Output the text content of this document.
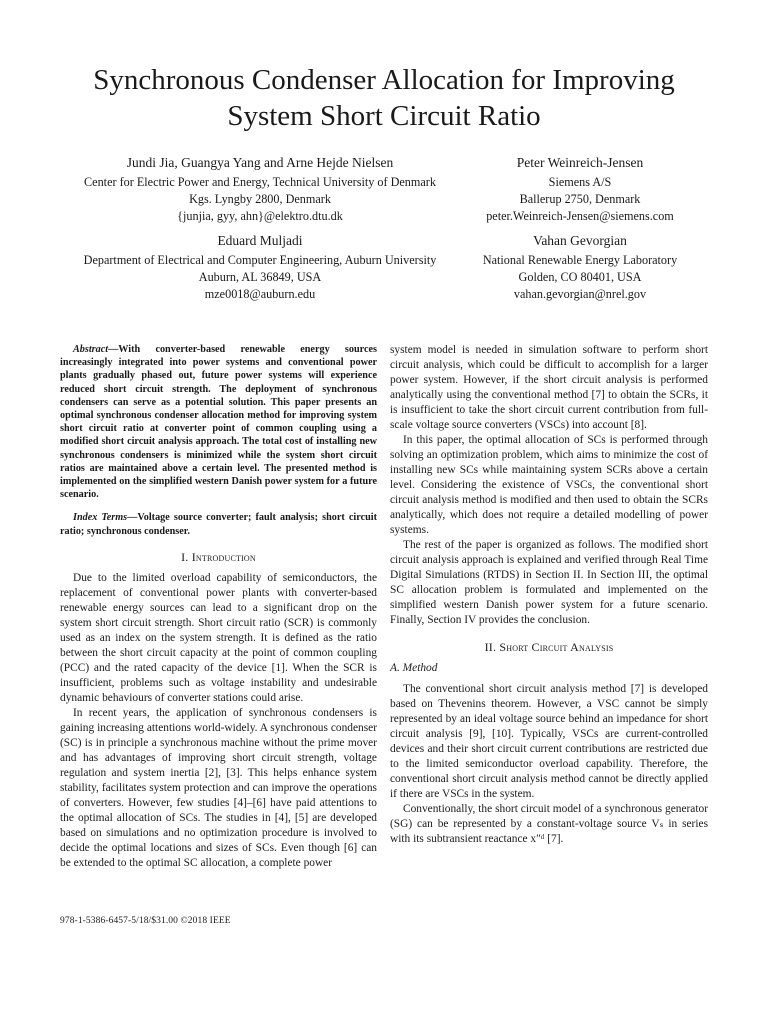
Synchronous Condenser Allocation for Improving
System Short Circuit Ratio
Jundi Jia, Guangya Yang and Arne Hejde Nielsen
Center for Electric Power and Energy, Technical University of Denmark
Kgs. Lyngby 2800, Denmark
{junjia, gyy, ahn}@elektro.dtu.dk
Peter Weinreich-Jensen
Siemens A/S
Ballerup 2750, Denmark
peter.Weinreich-Jensen@siemens.com
Eduard Muljadi
Department of Electrical and Computer Engineering, Auburn University
Auburn, AL 36849, USA
mze0018@auburn.edu
Vahan Gevorgian
National Renewable Energy Laboratory
Golden, CO 80401, USA
vahan.gevorgian@nrel.gov

Abstract—With converter-based renewable energy sources increasingly integrated into power systems and conventional power plants gradually phased out, future power systems will experience reduced short circuit strength. The deployment of synchronous condensers can serve as a potential solution. This paper presents an optimal synchronous condenser allocation method for improving system short circuit ratio at converter point of common coupling using a modified short circuit analysis approach. The total cost of installing new synchronous condensers is minimized while the system short circuit ratios are maintained above a certain level. The presented method is implemented on the simplified western Danish power system for a future scenario.

Index Terms—Voltage source converter; fault analysis; short circuit ratio; synchronous condenser.

I. Introduction

Due to the limited overload capability of semiconductors, the replacement of conventional power plants with converter-based renewable energy sources can lead to a significant drop on the system short circuit strength. Short circuit ratio (SCR) is commonly used as an index on the system strength. It is defined as the ratio between the short circuit capacity at the point of common coupling (PCC) and the rated capacity of the device [1]. When the SCR is insufficient, problems such as voltage instability and undesirable dynamic behaviours of converter stations could arise.

In recent years, the application of synchronous condensers is gaining increasing attentions world-widely. A synchronous condenser (SC) is in principle a synchronous machine without the prime mover and has advantages of improving short circuit strength, voltage regulation and system inertia [2], [3]. This helps enhance system stability, facilitates system protection and can improve the operations of converters. However, few studies [4]–[6] have paid attentions to the optimal allocation of SCs. The studies in [4], [5] are developed based on simulations and no optimization procedure is involved to decide the optimal locations and sizes of SCs. Even though [6] can be extended to the optimal SC allocation, a complete power

system model is needed in simulation software to perform short circuit analysis, which could be difficult to accomplish for a larger power system. However, if the short circuit analysis is performed analytically using the conventional method [7] to obtain the SCRs, it is insufficient to take the short circuit current contribution from full-scale voltage source converters (VSCs) into account [8].

In this paper, the optimal allocation of SCs is performed through solving an optimization problem, which aims to minimize the cost of installing new SCs while maintaining system SCRs above a certain level. Considering the existence of VSCs, the conventional short circuit analysis method is modified and then used to obtain the SCRs analytically, which does not require a detailed modelling of power systems.

The rest of the paper is organized as follows. The modified short circuit analysis approach is explained and verified through Real Time Digital Simulations (RTDS) in Section II. In Section III, the optimal SC allocation problem is formulated and implemented on the simplified western Danish power system for a future scenario. Finally, Section IV provides the conclusion.

II. Short Circuit Analysis
A. Method

The conventional short circuit analysis method [7] is developed based on Thevenins theorem. However, a VSC cannot be simply represented by an ideal voltage source behind an impedance for short circuit analysis [9], [10]. Typically, VSCs are current-controlled devices and their short circuit current contributions are restricted due to the limited semiconductor overload capability. Therefore, the conventional short circuit analysis method cannot be directly applied if there are VSCs in the system.

Conventionally, the short circuit model of a synchronous generator (SG) can be represented by a constant-voltage source Vₛ in series with its subtransient reactance x″ᵈ [7].

978-1-5386-6457-5/18/$31.00 ©2018 IEEE
